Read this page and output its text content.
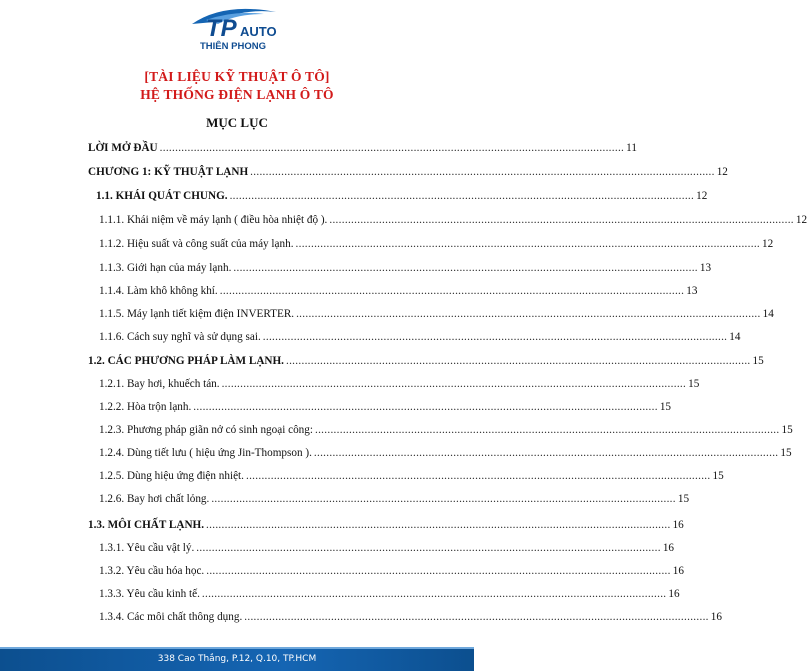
TP AUTO
THIÊN PHONG
[TÀI LIỆU KỸ THUẬT Ô TÔ]
HỆ THỐNG ĐIỆN LẠNH Ô TÔ
MỤC LỤC
LỜI MỞ ĐẦU ...................................................................................................................................................... 11
CHƯƠNG 1: KỸ THUẬT LẠNH ...................................................................................................................................................... 12
1.1. KHÁI QUÁT CHUNG. ...................................................................................................................................................... 12
1.1.1. Khái niệm về máy lạnh ( điều hòa nhiệt độ ). ...................................................................................................................................................... 12
1.1.2. Hiệu suất và công suất của máy lạnh. ...................................................................................................................................................... 12
1.1.3. Giới hạn của máy lạnh. ...................................................................................................................................................... 13
1.1.4. Làm khô không khí. ...................................................................................................................................................... 13
1.1.5. Máy lạnh tiết kiệm điện INVERTER. ...................................................................................................................................................... 14
1.1.6. Cách suy nghĩ và sử dụng sai. ...................................................................................................................................................... 14
1.2. CÁC PHƯƠNG PHÁP LÀM LẠNH. ...................................................................................................................................................... 15
1.2.1. Bay hơi, khuếch tán. ...................................................................................................................................................... 15
1.2.2. Hòa trộn lạnh. ...................................................................................................................................................... 15
1.2.3. Phương pháp giãn nở có sinh ngoại công: ...................................................................................................................................................... 15
1.2.4. Dùng tiết lưu ( hiệu ứng Jin-Thompson ). ...................................................................................................................................................... 15
1.2.5. Dùng hiệu ứng điện nhiệt. ...................................................................................................................................................... 15
1.2.6. Bay hơi chất lỏng. ...................................................................................................................................................... 15
1.3. MÔI CHẤT LẠNH. ...................................................................................................................................................... 16
1.3.1. Yêu cầu vật lý. ...................................................................................................................................................... 16
1.3.2. Yêu cầu hóa học. ...................................................................................................................................................... 16
1.3.3. Yêu cầu kinh tế. ...................................................................................................................................................... 16
1.3.4. Các môi chất thông dụng. ...................................................................................................................................................... 16
338 Cao Thắng, P.12, Q.10, TP.HCM
